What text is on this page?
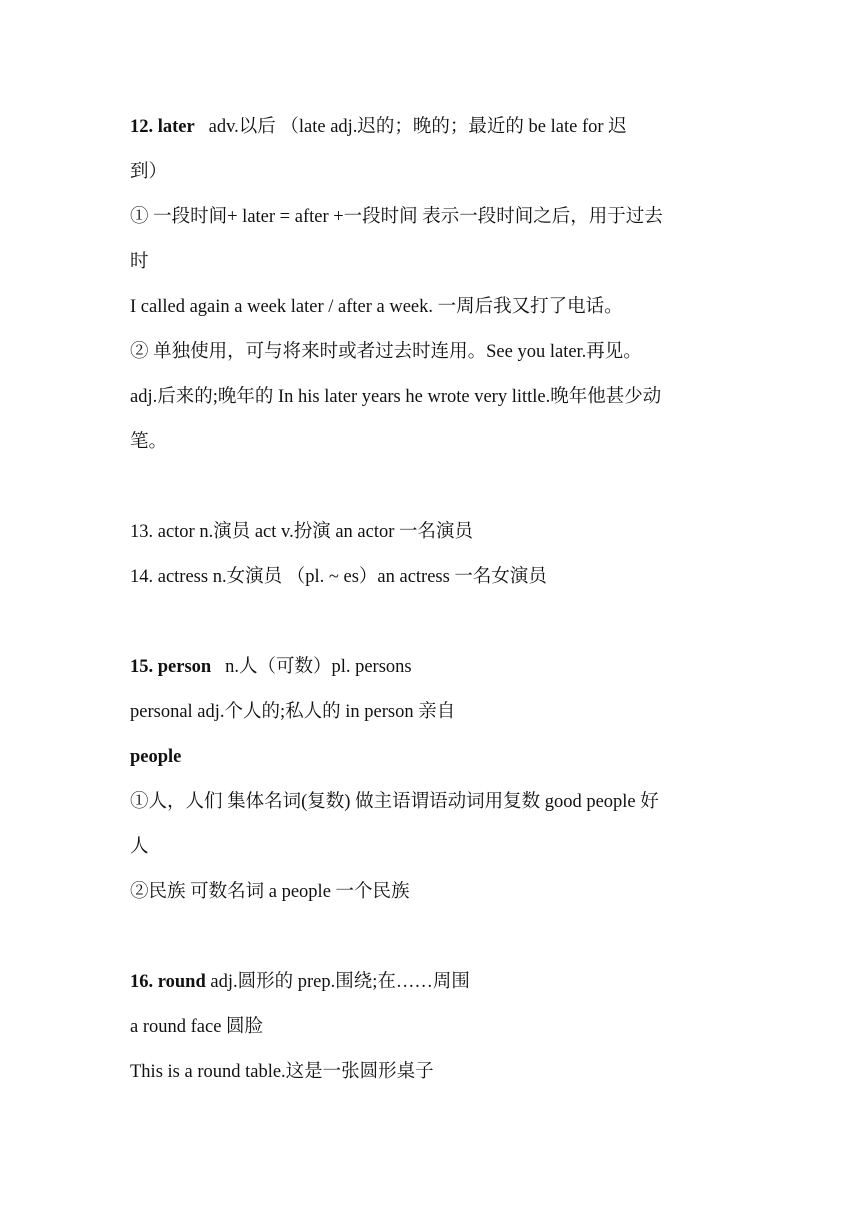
12. later adv.以后 （late adj.迟的；晚的；最近的 be late for 迟
到）
① 一段时间+ later = after +一段时间 表示一段时间之后，用于过去
时
I called again a week later / after a week. 一周后我又打了电话。
② 单独使用，可与将来时或者过去时连用。See you later.再见。
adj.后来的;晚年的 In his later years he wrote very little.晚年他甚少动
笔。
13. actor n.演员 act v.扮演 an actor 一名演员
14. actress n.女演员 （pl. ~ es）an actress 一名女演员
15. person n.人（可数）pl. persons
personal adj.个人的;私人的 in person 亲自
people
①人，人们 集体名词(复数) 做主语谓语动词用复数 good people 好
人
②民族 可数名词 a people 一个民族
16. round adj.圆形的 prep.围绕;在……周围
a round face 圆脸
This is a round table.这是一张圆形桌子
